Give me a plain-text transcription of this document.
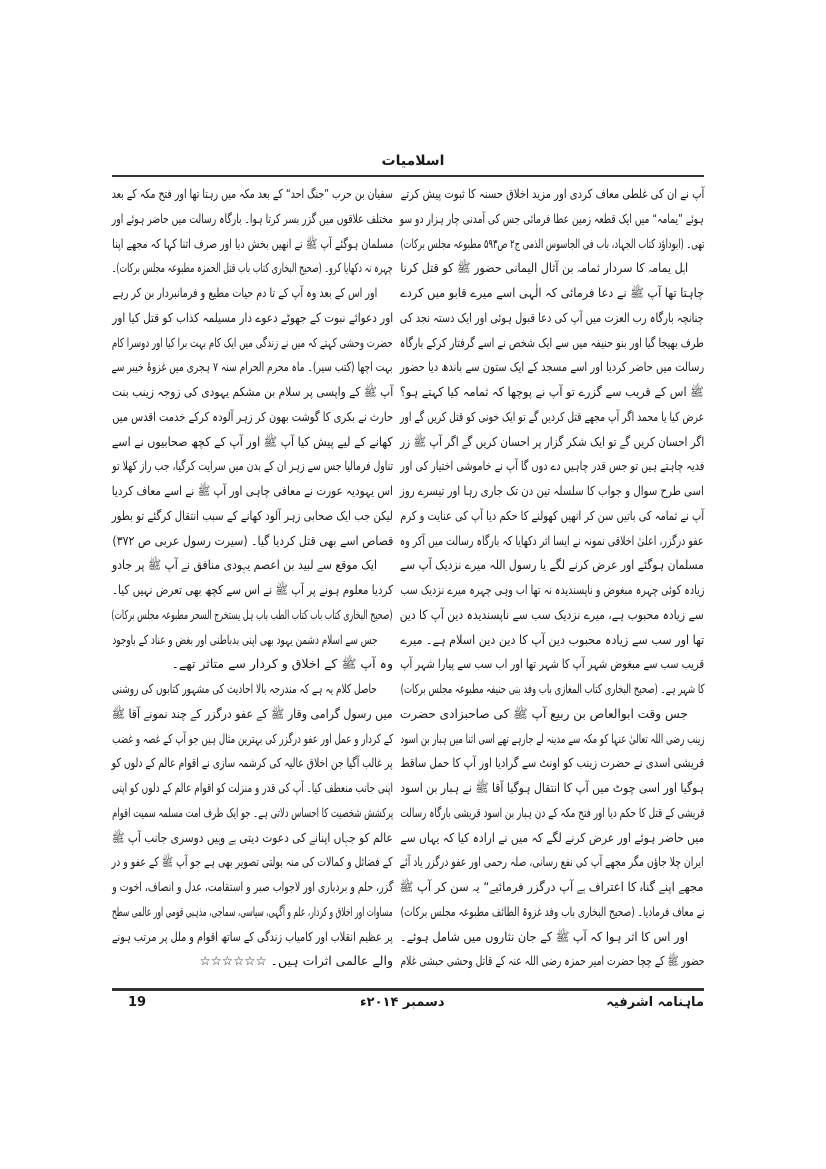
اسلامیات
آپ نے ان کی غلطی معاف کردی اور مزید اخلاق حسنہ کا ثبوت پیش کرتے
ہوئے ”یمامہ“ میں ایک قطعہ زمین عطا فرمائی جس کی آمدنی چار ہزار دو سو
تھی۔ (ابوداؤد کتاب الجہاد، باب فی الجاسوس الذمی ج۲ ص۵۹۳ مطبوعہ مجلس برکات)
اہل یمامہ کا سردار ثمامہ بن آثال الیمانی حضور ﷺ کو قتل کرنا
چاہتا تھا آپ ﷺ نے دعا فرمائی کہ الٰہی اسے میرے قابو میں کردے
چنانچہ بارگاہ رب العزت میں آپ کی دعا قبول ہوئی اور ایک دستہ نجد کی
طرف بھیجا گیا اور بنو حنیفہ میں سے ایک شخص نے اسے گرفتار کرکے بارگاہ
رسالت میں حاضر کردیا اور اسے مسجد کے ایک ستون سے باندھ دیا حضور
ﷺ اس کے قریب سے گزرے تو آپ نے پوچھا کہ ثمامہ کیا کہتے ہو؟
عرض کیا یا محمد اگر آپ مجھے قتل کردیں گے تو ایک خونی کو قتل کریں گے اور
اگر احسان کریں گے تو ایک شکر گزار پر احسان کریں گے اگر آپ ﷺ زر
فدیہ چاہتے ہیں تو جس قدر چاہیں دے دوں گا آپ نے خاموشی اختیار کی اور
اسی طرح سوال و جواب کا سلسلہ تین دن تک جاری رہا اور تیسرے روز
آپ نے ثمامہ کی باتیں سن کر انھیں کھولنے کا حکم دیا آپ کی عنایت و کرم
عفو درگزر، اعلیٰ اخلاقی نمونہ نے ایسا اثر دکھایا کہ بارگاہ رسالت میں آکر وہ
مسلمان ہوگئے اور عرض کرنے لگے یا رسول اللہ میرے نزدیک آپ سے
زیادہ کوئی چہرہ مبغوض و ناپسندیدہ نہ تھا اب وہی چہرہ میرے نزدیک سب
سے زیادہ محبوب ہے، میرے نزدیک سب سے ناپسندیدہ دین آپ کا دین
تھا اور سب سے زیادہ محبوب دین آپ کا دین دین اسلام ہے۔ میرے
قریب سب سے مبغوض شہر آپ کا شہر تھا اور اب سب سے پیارا شہر آپ
کا شہر ہے۔ (صحیح البخاری کتاب المغازی باب وفد بنی حنیفہ مطبوعہ مجلس برکات)
جس وقت ابوالعاص بن ربیع آپ ﷺ کی صاحبزادی حضرت
زینب رضی اللہ تعالیٰ عنہا کو مکہ سے مدینہ لے جارہے تھے اسی اثنا میں ہبار بن اسود
قریشی اسدی نے حضرت زینب کو اونٹ سے گرادیا اور آپ کا حمل ساقط
ہوگیا اور اسی چوٹ میں آپ کا انتقال ہوگیا آقا ﷺ نے ہبار بن اسود
قریشی کے قتل کا حکم دیا اور فتح مکہ کے دن ہبار بن اسود قریشی بارگاہ رسالت
میں حاضر ہوئے اور عرض کرنے لگے کہ میں نے ارادہ کیا کہ یہاں سے
ایران چلا جاؤں مگر مجھے آپ کی نفع رسانی، صلہ رحمی اور عفو درگزر یاد آئے
مجھے اپنے گناہ کا اعتراف ہے آپ درگزر فرمائیے“ یہ سن کر آپ ﷺ
نے معاف فرمادیا۔ (صحیح البخاری باب وفد غزوۃ الطائف مطبوعہ مجلس برکات)
اور اس کا اثر ہوا کہ آپ ﷺ کے جان نثاروں میں شامل ہوئے۔
حضور ﷺ کے چچا حضرت امیر حمزہ رضی اللہ عنہ کے قاتل وحشی حبشی غلام
سفیان بن حرب ”جنگ احد“ کے بعد مکہ میں رہتا تھا اور فتح مکہ کے بعد
مختلف علاقوں میں گزر بسر کرتا ہوا۔ بارگاہ رسالت میں حاضر ہوئے اور
مسلمان ہوگئے آپ ﷺ نے انھیں بخش دیا اور صرف اتنا کہا کہ مجھے اپنا
چہرہ نہ دکھایا کرو۔ (صحیح البخاری کتاب باب قتل الحمزہ مطبوعہ مجلس برکات)۔
اور اس کے بعد وہ آپ کے تا دم حیات مطیع و فرمانبردار بن کر رہے
اور دعوائے نبوت کے جھوٹے دعوے دار مسیلمہ کذاب کو قتل کیا اور
حضرت وحشی کہتے کہ میں نے زندگی میں ایک کام بہت برا کیا اور دوسرا کام
بہت اچھا (کتب سیر)۔ ماہ محرم الحرام سنہ ۷ ہجری میں غزوۂ خیبر سے
آپ ﷺ کے واپسی پر سلام بن مشکم یہودی کی زوجہ زینب بنت
حارث نے بکری کا گوشت بھون کر زہر آلودہ کرکے خدمت اقدس میں
کھانے کے لیے پیش کیا آپ ﷺ اور آپ کے کچھ صحابیوں نے اسے
تناول فرمالیا جس سے زہر ان کے بدن میں سرایت کرگیا، جب راز کھلا تو
اس یہودیہ عورت نے معافی چاہی اور آپ ﷺ نے اسے معاف کردیا
لیکن جب ایک صحابی زہر آلود کھانے کے سبب انتقال کرگئے تو بطور
قصاص اسے بھی قتل کردیا گیا۔ (سیرت رسول عربی ص ۳۷۲)
ایک موقع سے لبید بن اعصم یہودی منافق نے آپ ﷺ پر جادو
کردیا معلوم ہونے پر آپ ﷺ نے اس سے کچھ بھی تعرض نہیں کیا۔
(صحیح البخاری کتاب باب کتاب الطب باب ہل یستخرج السحر مطبوعہ مجلس برکات)
جس سے اسلام دشمن یہود بھی اپنی بدباطنی اور بغض و عناد کے باوجود
وہ آپ ﷺ کے اخلاق و کردار سے متاثر تھے۔
حاصل کلام یہ ہے کہ مندرجہ بالا احادیث کی مشہور کتابوں کی روشنی
میں رسول گرامی وقار ﷺ کے عفو درگزر کے چند نمونے آقا ﷺ
کے کردار و عمل اور عفو درگزر کی بہترین مثال ہیں جو آپ کے غصہ و غضب
پر غالب آگیا جن اخلاق عالیہ کی کرشمہ سازی نے اقوام عالم کے دلوں کو
اپنی جانب منعطف کیا۔ آپ کی قدر و منزلت کو اقوام عالم کے دلوں کو اپنی
پرکشش شخصیت کا احساس دلاتی ہے۔ جو ایک طرف امت مسلمہ سمیت اقوام
عالم کو جہاں اپنانے کی دعوت دیتی ہے وہیں دوسری جانب آپ ﷺ
کے فضائل و کمالات کی منہ بولتی تصویر بھی ہے جو آپ ﷺ کے عفو و در
گزر، حلم و بردباری اور لاجواب صبر و استقامت، عدل و انصاف، اخوت و
مساوات اور اخلاق و کردار، علم و آگہی، سیاسی، سماجی، مذہبی قومی اور عالمی سطح
پر عظیم انقلاب اور کامیاب زندگی کے ساتھ اقوام و ملل پر مرتب ہونے
والے عالمی اثرات ہیں۔ ☆☆☆☆☆☆
ماہنامہ اشرفیہ
دسمبر ۲۰۱۴ء
19
